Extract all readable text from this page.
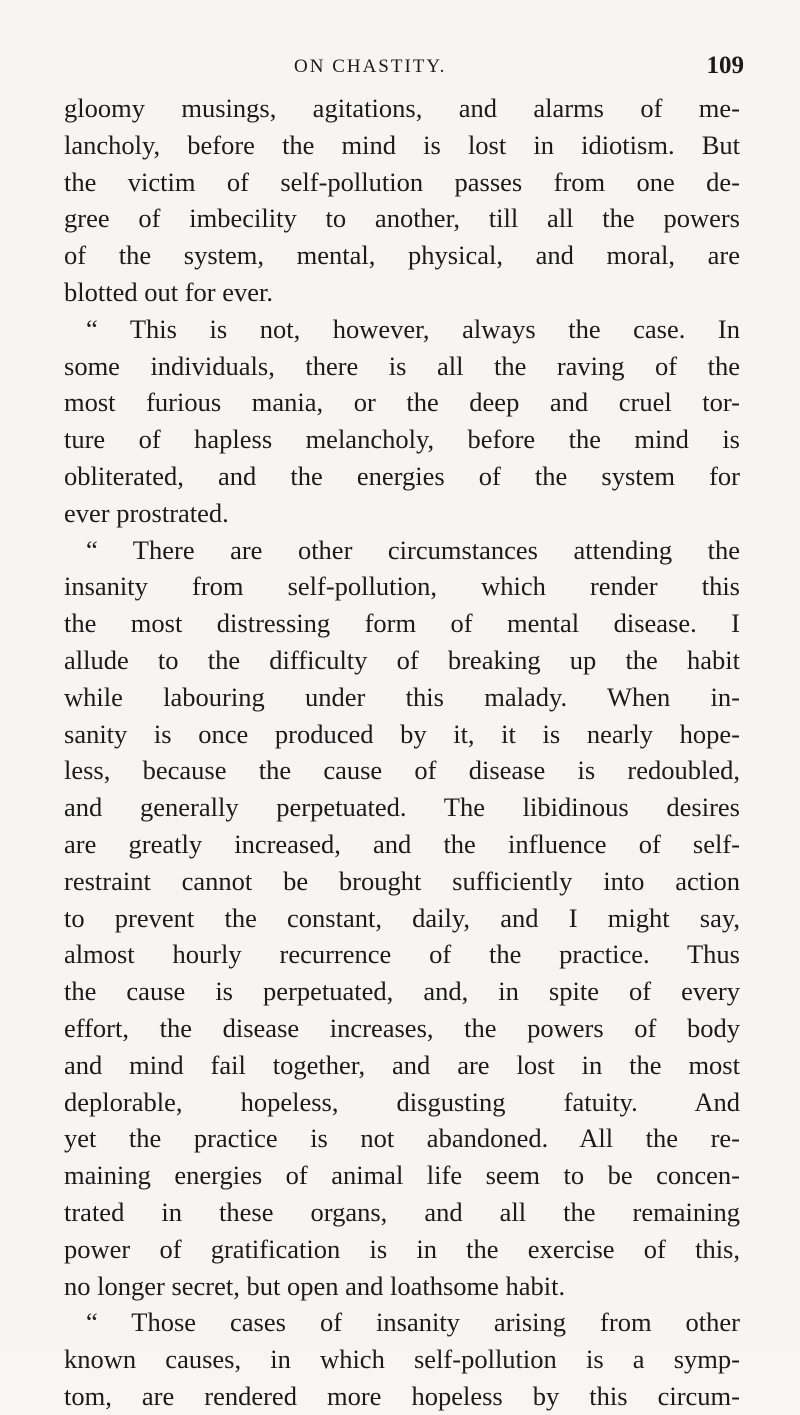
ON CHASTITY.	109
gloomy musings, agitations, and alarms of me-
lancholy, before the mind is lost in idiotism. But
the victim of self-pollution passes from one de-
gree of imbecility to another, till all the powers
of the system, mental, physical, and moral, are
blotted out for ever.
“ This is not, however, always the case. In
some individuals, there is all the raving of the
most furious mania, or the deep and cruel tor-
ture of hapless melancholy, before the mind is
obliterated, and the energies of the system for
ever prostrated.
“ There are other circumstances attending the
insanity from self-pollution, which render this
the most distressing form of mental disease. I
allude to the difficulty of breaking up the habit
while labouring under this malady. When in-
sanity is once produced by it, it is nearly hope-
less, because the cause of disease is redoubled,
and generally perpetuated. The libidinous desires
are greatly increased, and the influence of self-
restraint cannot be brought sufficiently into action
to prevent the constant, daily, and I might say,
almost hourly recurrence of the practice. Thus
the cause is perpetuated, and, in spite of every
effort, the disease increases, the powers of body
and mind fail together, and are lost in the most
deplorable, hopeless, disgusting fatuity. And
yet the practice is not abandoned. All the re-
maining energies of animal life seem to be concen-
trated in these organs, and all the remaining
power of gratification is in the exercise of this,
no longer secret, but open and loathsome habit.
“ Those cases of insanity arising from other
known causes, in which self-pollution is a symp-
tom, are rendered more hopeless by this circum-
